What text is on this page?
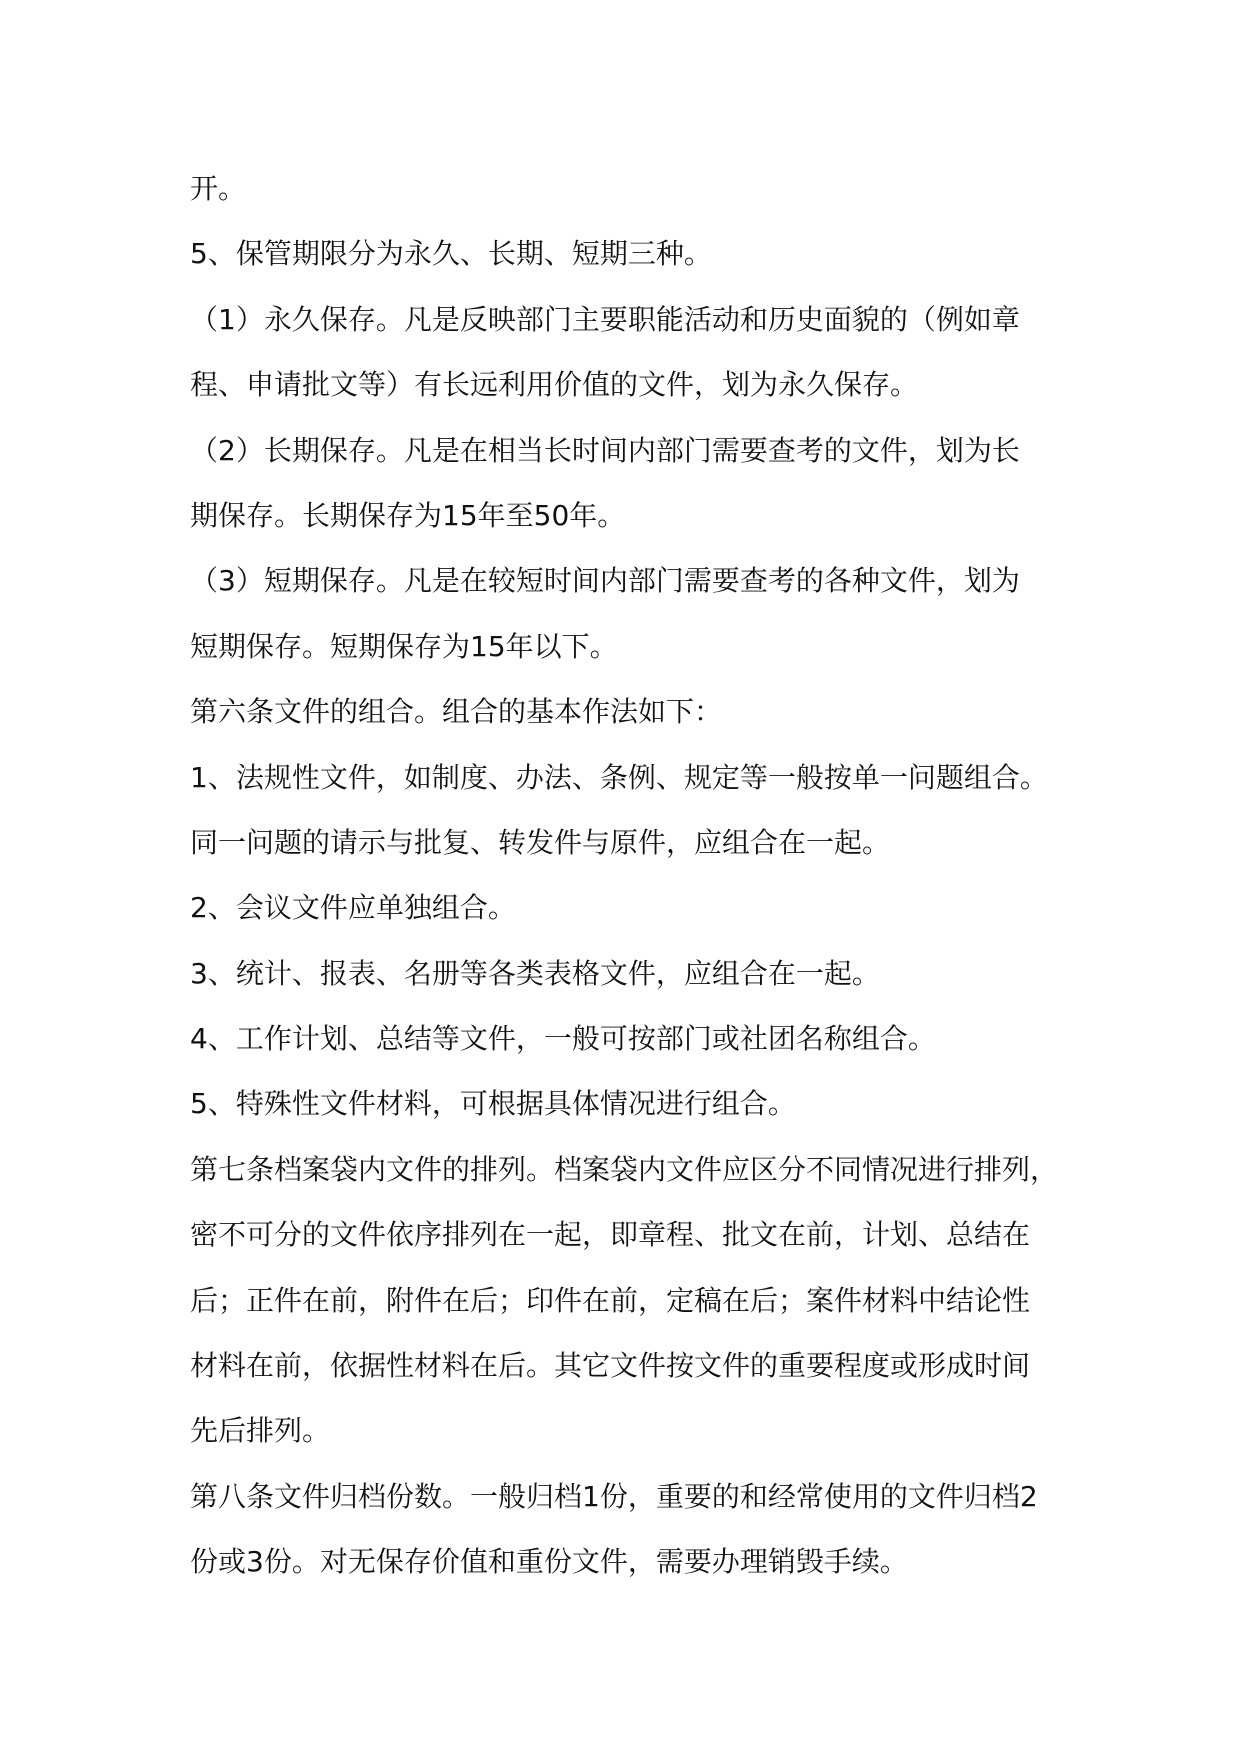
开。
5、保管期限分为永久、长期、短期三种。
（1）永久保存。凡是反映部门主要职能活动和历史面貌的（例如章
程、申请批文等）有长远利用价值的文件，划为永久保存。
（2）长期保存。凡是在相当长时间内部门需要查考的文件，划为长
期保存。长期保存为15年至50年。
（3）短期保存。凡是在较短时间内部门需要查考的各种文件，划为
短期保存。短期保存为15年以下。
第六条文件的组合。组合的基本作法如下：
1、法规性文件，如制度、办法、条例、规定等一般按单一问题组合。
同一问题的请示与批复、转发件与原件，应组合在一起。
2、会议文件应单独组合。
3、统计、报表、名册等各类表格文件，应组合在一起。
4、工作计划、总结等文件，一般可按部门或社团名称组合。
5、特殊性文件材料，可根据具体情况进行组合。
第七条档案袋内文件的排列。档案袋内文件应区分不同情况进行排列，
密不可分的文件依序排列在一起，即章程、批文在前，计划、总结在
后；正件在前，附件在后；印件在前，定稿在后；案件材料中结论性
材料在前，依据性材料在后。其它文件按文件的重要程度或形成时间
先后排列。
第八条文件归档份数。一般归档1份，重要的和经常使用的文件归档2
份或3份。对无保存价值和重份文件，需要办理销毁手续。
